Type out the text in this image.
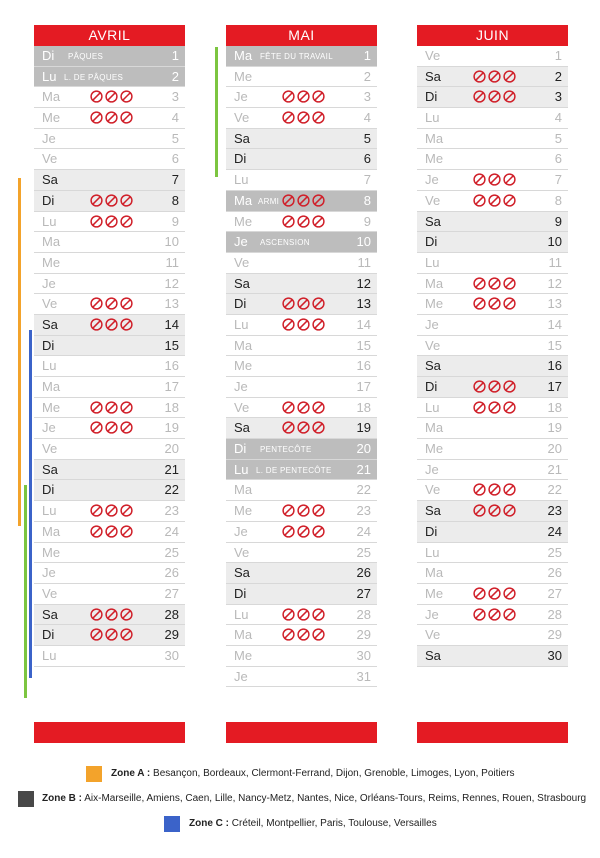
AVRIL
Di PÂQUES	1
Lu L. DE PÂQUES	2
Ma	3
Me	4
Je	5
Ve	6
Sa	7
Di	8
Lu	9
Ma	10
Me	11
Je	12
Ve	13
Sa	14
Di	15
Lu	16
Ma	17
Me	18
Je	19
Ve	20
Sa	21
Di	22
Lu	23
Ma	24
Me	25
Je	26
Ve	27
Sa	28
Di	29
Lu	30
MAI
Ma FÊTE DU TRAVAIL 1
Me	2
Je	3
Ve	4
Sa	5
Di	6
Lu	7
Ma ARMI	8
Me	9
Je ASCENSION	10
Ve	11
Sa	12
Di	13
Lu	14
Ma	15
Me	16
Je	17
Ve	18
Sa	19
Di PENTECÔTE	20
Lu L. DE PENTECÔTE 21
Ma	22
Me	23
Je	24
Ve	25
Sa	26
Di	27
Lu	28
Ma	29
Me	30
Je	31
JUIN
Ve	1
Sa	2
Di	3
Lu	4
Ma	5
Me	6
Je	7
Ve	8
Sa	9
Di	10
Lu	11
Ma	12
Me	13
Je	14
Ve	15
Sa	16
Di	17
Lu	18
Ma	19
Me	20
Je	21
Ve	22
Sa	23
Di	24
Lu	25
Ma	26
Me	27
Je	28
Ve	29
Sa	30
Zone A : Besançon, Bordeaux, Clermont-Ferrand, Dijon, Grenoble, Limoges, Lyon, Poitiers
Zone B : Aix-Marseille, Amiens, Caen, Lille, Nancy-Metz, Nantes, Nice, Orléans-Tours, Reims, Rennes, Rouen, Strasbourg
Zone C : Créteil, Montpellier, Paris, Toulouse, Versailles
